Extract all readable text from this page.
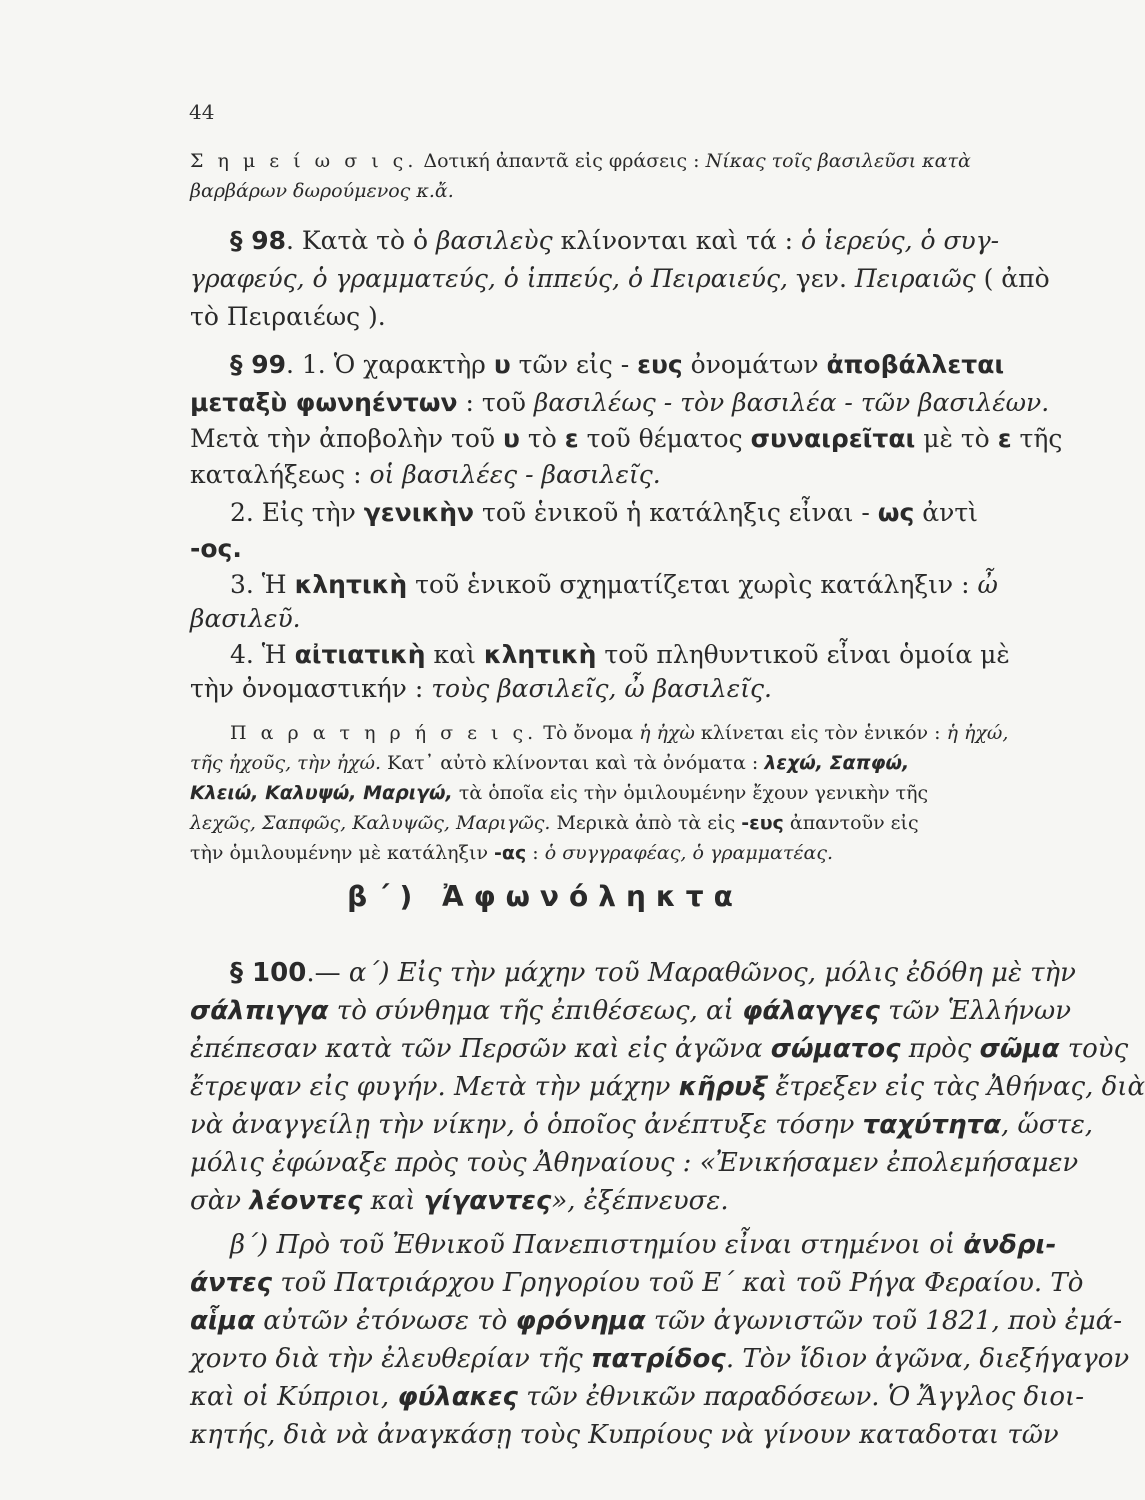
44
β΄) Ἀφωνόληκτα
Σ η μ ε ί ω σ ι ς. Δοτική ἀπαντᾶ εἰς φράσεις : Νίκας τοῖς βασιλεῦσι κατὰ
βαρβάρων δωρούμενος κ.ἄ.
§ 98. Κατὰ τὸ ὁ βασιλεὺς κλίνονται καὶ τά : ὁ ἱερεύς, ὁ συγ-
γραφεύς, ὁ γραμματεύς, ὁ ἱππεύς, ὁ Πειραιεύς, γεν. Πειραιῶς ( ἀπὸ
τὸ Πειραιέως ).
§ 99. 1. Ὁ χαρακτὴρ υ τῶν εἰς - ευς ὀνομάτων ἀποβάλλεται
μεταξὺ φωνηέντων : τοῦ βασιλέως - τὸν βασιλέα - τῶν βασιλέων.
Μετὰ τὴν ἀποβολὴν τοῦ υ τὸ ε τοῦ θέματος συναιρεῖται μὲ τὸ ε τῆς
καταλήξεως : οἱ βασιλέες - βασιλεῖς.
2. Εἰς τὴν γενικὴν τοῦ ἑνικοῦ ἡ κατάληξις εἶναι - ως ἀντὶ
-ος.
3. Ἡ κλητικὴ τοῦ ἑνικοῦ σχηματίζεται χωρὶς κατάληξιν : ὦ
βασιλεῦ.
4. Ἡ αἰτιατικὴ καὶ κλητικὴ τοῦ πληθυντικοῦ εἶναι ὁμοία μὲ
τὴν ὀνομαστικήν : τοὺς βασιλεῖς, ὦ βασιλεῖς.
Π α ρ α τ η ρ ή σ ε ι ς. Τὸ ὄνομα ἡ ἠχὼ κλίνεται εἰς τὸν ἑνικόν : ἡ ἠχώ,
τῆς ἠχοῦς, τὴν ἠχώ. Κατ᾿ αὐτὸ κλίνονται καὶ τὰ ὀνόματα : λεχώ, Σαπφώ,
Κλειώ, Καλυψώ, Μαριγώ, τὰ ὁποῖα εἰς τὴν ὁμιλουμένην ἔχουν γενικὴν τῆς
λεχῶς, Σαπφῶς, Καλυψῶς, Μαριγῶς. Μερικὰ ἀπὸ τὰ εἰς -ευς ἀπαντοῦν εἰς
τὴν ὁμιλουμένην μὲ κατάληξιν -ας : ὁ συγγραφέας, ὁ γραμματέας.
§ 100.— α΄) Εἰς τὴν μάχην τοῦ Μαραθῶνος, μόλις ἐδόθη μὲ τὴν
σάλπιγγα τὸ σύνθημα τῆς ἐπιθέσεως, αἱ φάλαγγες τῶν Ἑλλήνων
ἐπέπεσαν κατὰ τῶν Περσῶν καὶ εἰς ἀγῶνα σώματος πρὸς σῶμα τοὺς
ἔτρεψαν εἰς φυγήν. Μετὰ τὴν μάχην κῆρυξ ἔτρεξεν εἰς τὰς Ἀθήνας, διὰ
νὰ ἀναγγείλῃ τὴν νίκην, ὁ ὁποῖος ἀνέπτυξε τόσην ταχύτητα, ὥστε,
μόλις ἐφώναξε πρὸς τοὺς Ἀθηναίους : «Ἐνικήσαμεν ἐπολεμήσαμεν
σὰν λέοντες καὶ γίγαντες», ἐξέπνευσε.
β΄) Πρὸ τοῦ Ἐθνικοῦ Πανεπιστημίου εἶναι στημένοι οἱ ἀνδρι-
άντες τοῦ Πατριάρχου Γρηγορίου τοῦ Ε΄ καὶ τοῦ Ρήγα Φεραίου. Τὸ
αἷμα αὐτῶν ἐτόνωσε τὸ φρόνημα τῶν ἀγωνιστῶν τοῦ 1821, ποὺ ἐμά-
χοντο διὰ τὴν ἐλευθερίαν τῆς πατρίδος. Τὸν ἴδιον ἀγῶνα, διεξήγαγον
καὶ οἱ Κύπριοι, φύλακες τῶν ἐθνικῶν παραδόσεων. Ὁ Ἄγγλος διοι-
κητής, διὰ νὰ ἀναγκάσῃ τοὺς Κυπρίους νὰ γίνουν καταδοται τῶν
